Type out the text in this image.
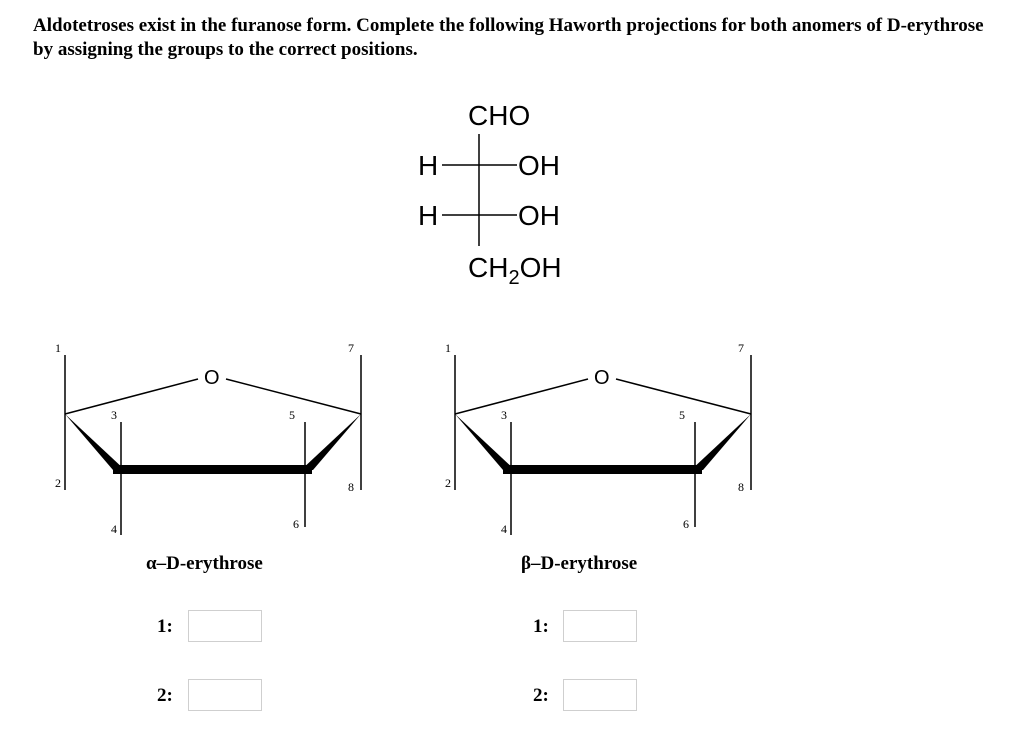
Aldotetroses exist in the furanose form. Complete the following Haworth projections for both anomers of D-erythrose by assigning the groups to the correct positions.
CHO
H	OH
H	OH
$CH_2OH$
O
1
2
3
4
5
6
7
8
O
1
2
3
4
5
6
7
8
α–D-erythrose	β–D-erythrose
1:
2:
1:
2:
